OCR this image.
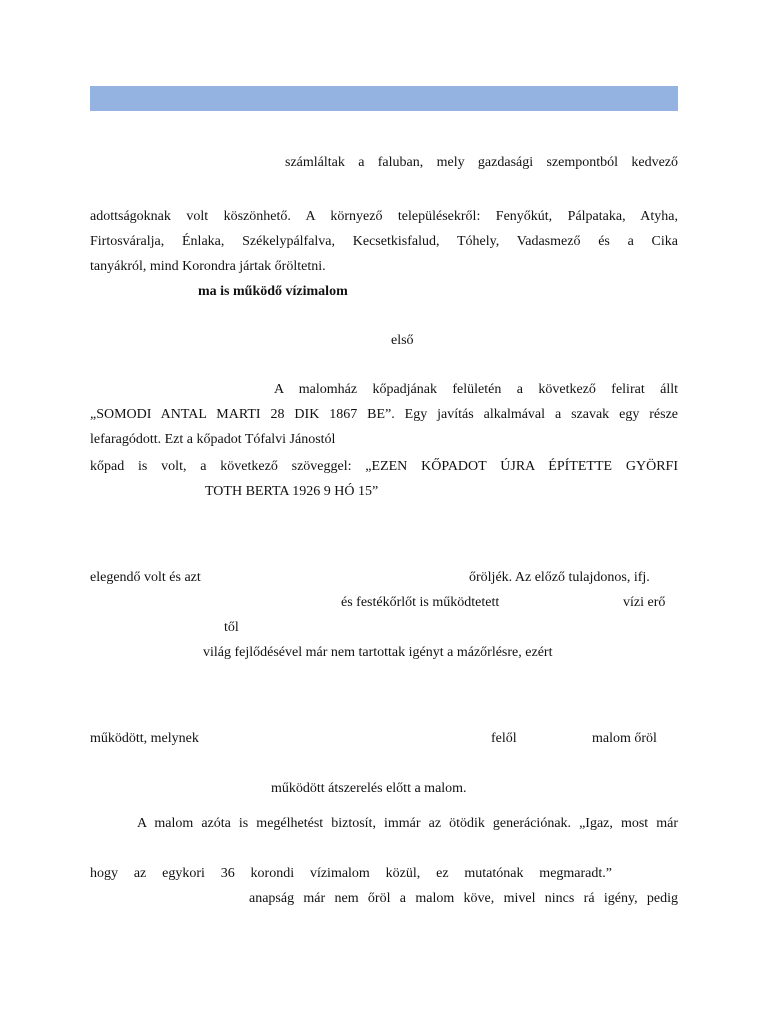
számláltak a faluban, mely gazdasági szempontból kedvező
adottságoknak volt köszönhető. A környező településekről: Fenyőkút, Pálpataka, Atyha,
Firtosváralja, Énlaka, Székelypálfalva, Kecsetkisfalud, Tóhely, Vadasmező és a Cika
tanyákról, mind Korondra jártak őröltetni.
ma is működő vízimalom
első
A malomház kőpadjának felületén a következő felirat állt
„SOMODI ANTAL MARTI 28 DIK 1867 BE”. Egy javítás alkalmával a szavak egy része
lefaragódott. Ezt a kőpadot Tófalvi Jánostól
kőpad is volt, a következő szöveggel: „EZEN KŐPADOT ÚJRA ÉPÍTETTE GYÖRFI
TOTH BERTA 1926 9 HÓ 15”
elegendő volt és azt	őröljék. Az előző tulajdonos, ifj.
és festékőrlőt is működtetett	vízi erő
től
világ fejlődésével már nem tartottak igényt a mázőrlésre, ezért
működött, melynek	felől	malom őröl
működött átszerelés előtt a malom.
A malom azóta is megélhetést biztosít, immár az ötödik generációnak. „Igaz, most már
hogy az egykori 36 korondi vízimalom közül, ez mutatónak megmaradt.”
anapság már nem őröl a malom köve, mivel nincs rá igény, pedig
